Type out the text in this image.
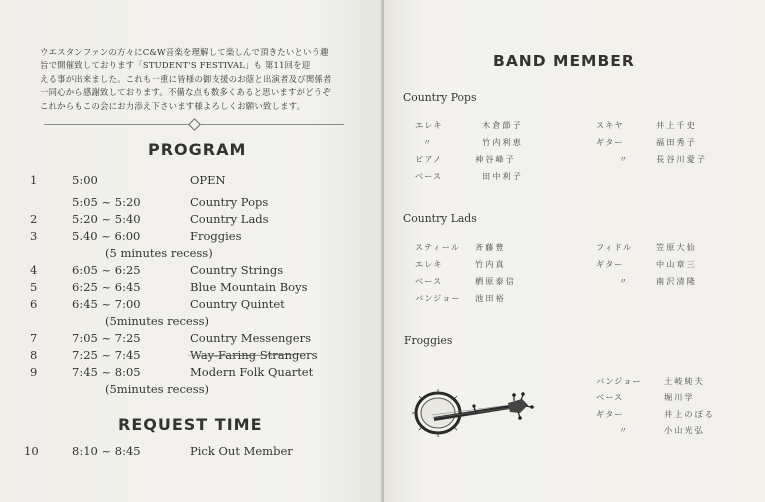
ウエスタンファンの方々にC&W音楽を理解して楽しんで頂きたいという趣
旨で開催致しております「STUDENT'S FESTIVAL」も 第11回を迎
える事が出来ました。これも一重に皆様の御支援のお蔭と出演者及び関係者
一同心から感謝致しております。不備な点も数多くあると思いますがどうぞ
これからもこの会にお力添え下さいます様よろしくお願い致します。
PROGRAM
1	5:00	OPEN
5:05 ~ 5:20	Country Pops
2	5:20 ~ 5:40	Country Lads
3	5.40 ~ 6:00	Froggies
(5 minutes recess)
4	6:05 ~ 6:25	Country Strings
5	6:25 ~ 6:45	Blue Mountain Boys
6	6:45 ~ 7:00	Country Quintet
(5minutes recess)
7	7:05 ~ 7:25	Country Messengers
8	7:25 ~ 7:45	Way-Faring Strangers
9	7:45 ~ 8:05	Modern Folk Quartet
(5minutes recess)
REQUEST TIME
10	8:10 ~ 8:45	Pick Out Member
BAND MEMBER
Country Pops
エレキ	木倉節子
〃	竹内利恵
ピアノ	神谷峰子
ベース	田中利子
スキヤ	井上千史
ギター	福田秀子
〃	長谷川愛子
Country Lads
スティール 斉藤豊
エレキ	竹内真
ベース	栖原泰信
バンジョー 池田裕
フィドル	笠原大仙
ギター	中山章三
〃	南沢清隆
Froggies
バンジョー	土岐純夫
ベース	堀川学
ギター	井上のぼる
〃	小山光弘
